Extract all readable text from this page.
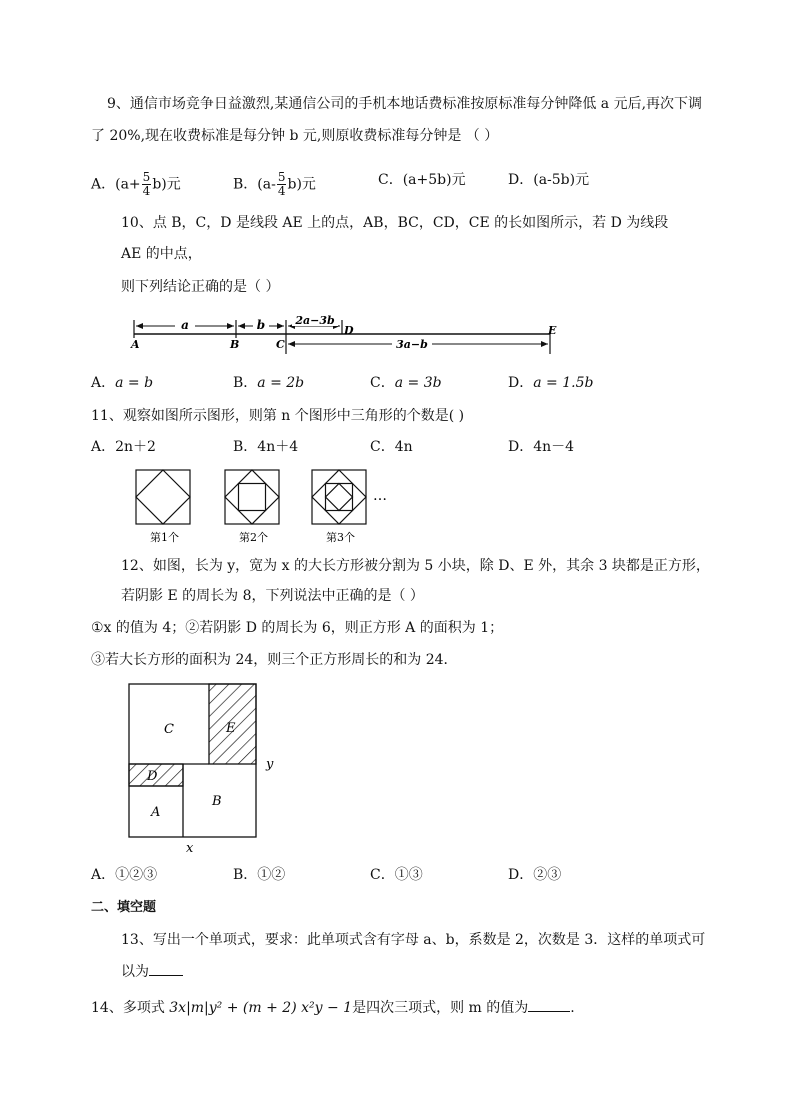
9、通信市场竞争日益激烈,某通信公司的手机本地话费标准按原标准每分钟降低 a 元后,再次下调
了 20%,现在收费标准是每分钟 b 元,则原收费标准每分钟是 （ ）
A．$(a+ \frac{5}{4} b)$元	B．$(a- \frac{5}{4} b)$元	C．(a+5b)元	D．(a-5b)元
10、点 B，C，D 是线段 AE 上的点，AB，BC，CD，CE 的长如图所示，若 D 为线段
AE 的中点，
则下列结论正确的是（ ）
a	b	2a−3b
3a−b
A	B	C
D	E
A．a = b	B．a = 2b	C．a = 3b	D．a = 1.5b
11、观察如图所示图形，则第 n 个图形中三角形的个数是( )
A．2n＋2	B．4n＋4	C．4n	D．4n－4
…
第1个	第2个	第3个
12、如图，长为 y，宽为 x 的大长方形被分割为 5 小块，除 D、E 外，其余 3 块都是正方形，
若阴影 E 的周长为 8，下列说法中正确的是（ ）
①x 的值为 4；②若阴影 D 的周长为 6，则正方形 A 的面积为 1；
③若大长方形的面积为 24，则三个正方形周长的和为 24．
C	E
D
A
B
y
x
A．①②③	B．①②	C．①③	D．②③
二、填空题
13、写出一个单项式，要求：此单项式含有字母 a、b，系数是 2，次数是 3．这样的单项式可
以为
14、多项式 3x|m|y² + (m + 2) x²y − 1是四次三项式，则 m 的值为	.
